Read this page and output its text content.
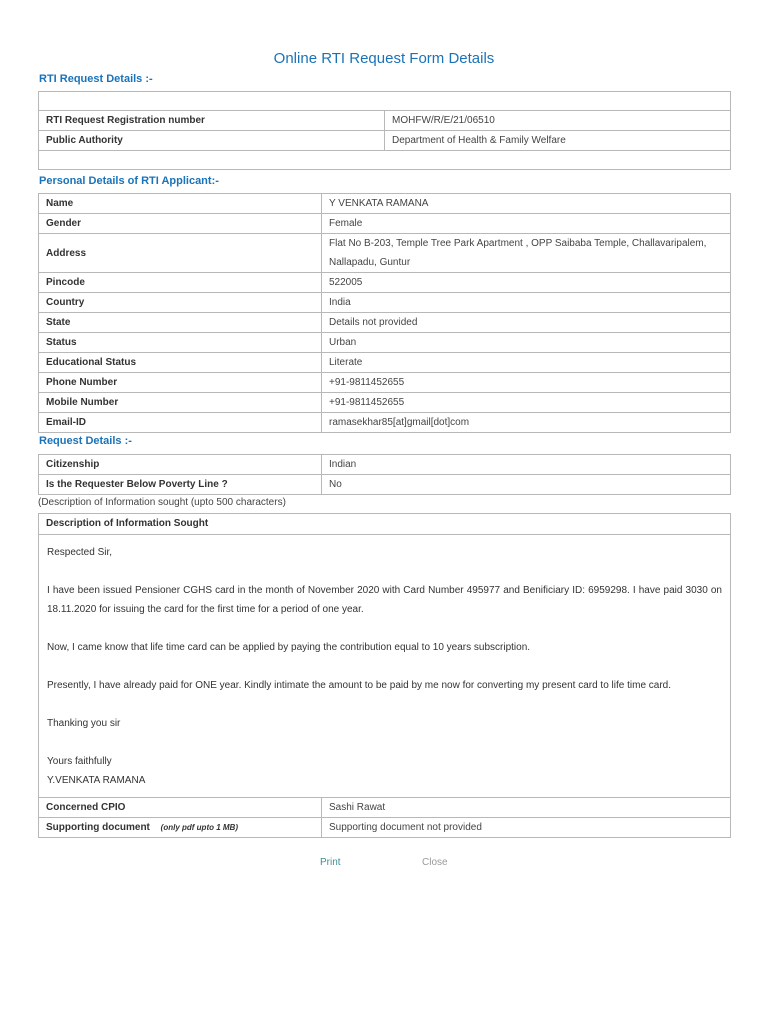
Online RTI Request Form Details
RTI Request Details :-

RTI Request Registration number	MOHFW/R/E/21/06510
Public Authority	Department of Health & Family Welfare

Personal Details of RTI Applicant:-
Name	Y VENKATA RAMANA
Gender	Female
Address	Flat No B-203, Temple Tree Park Apartment , OPP Saibaba Temple, Challavaripalem, Nallapadu, Guntur
Pincode	522005
Country	India
State	Details not provided
Status	Urban
Educational Status	Literate
Phone Number	+91-9811452655
Mobile Number	+91-9811452655
Email-ID	ramasekhar85[at]gmail[dot]com
Request Details :-
Citizenship	Indian
Is the Requester Below Poverty Line ?	No
(Description of Information sought (upto 500 characters)
Description of Information Sought

Respected Sir,

I have been issued Pensioner CGHS card in the month of November 2020 with Card Number 495977 and Benificiary ID: 6959298. I have paid 3030 on 18.11.2020 for issuing the card for the first time for a period of one year.

Now, I came know that life time card can be applied by paying the contribution equal to 10 years subscription.

Presently, I have already paid for ONE year. Kindly intimate the amount to be paid by me now for converting my present card to life time card.

Thanking you sir

Yours faithfully

Y.VENKATA RAMANA

Concerned CPIO	Sashi Rawat
Supporting document (only pdf upto 1 MB)	Supporting document not provided
Print	Close
